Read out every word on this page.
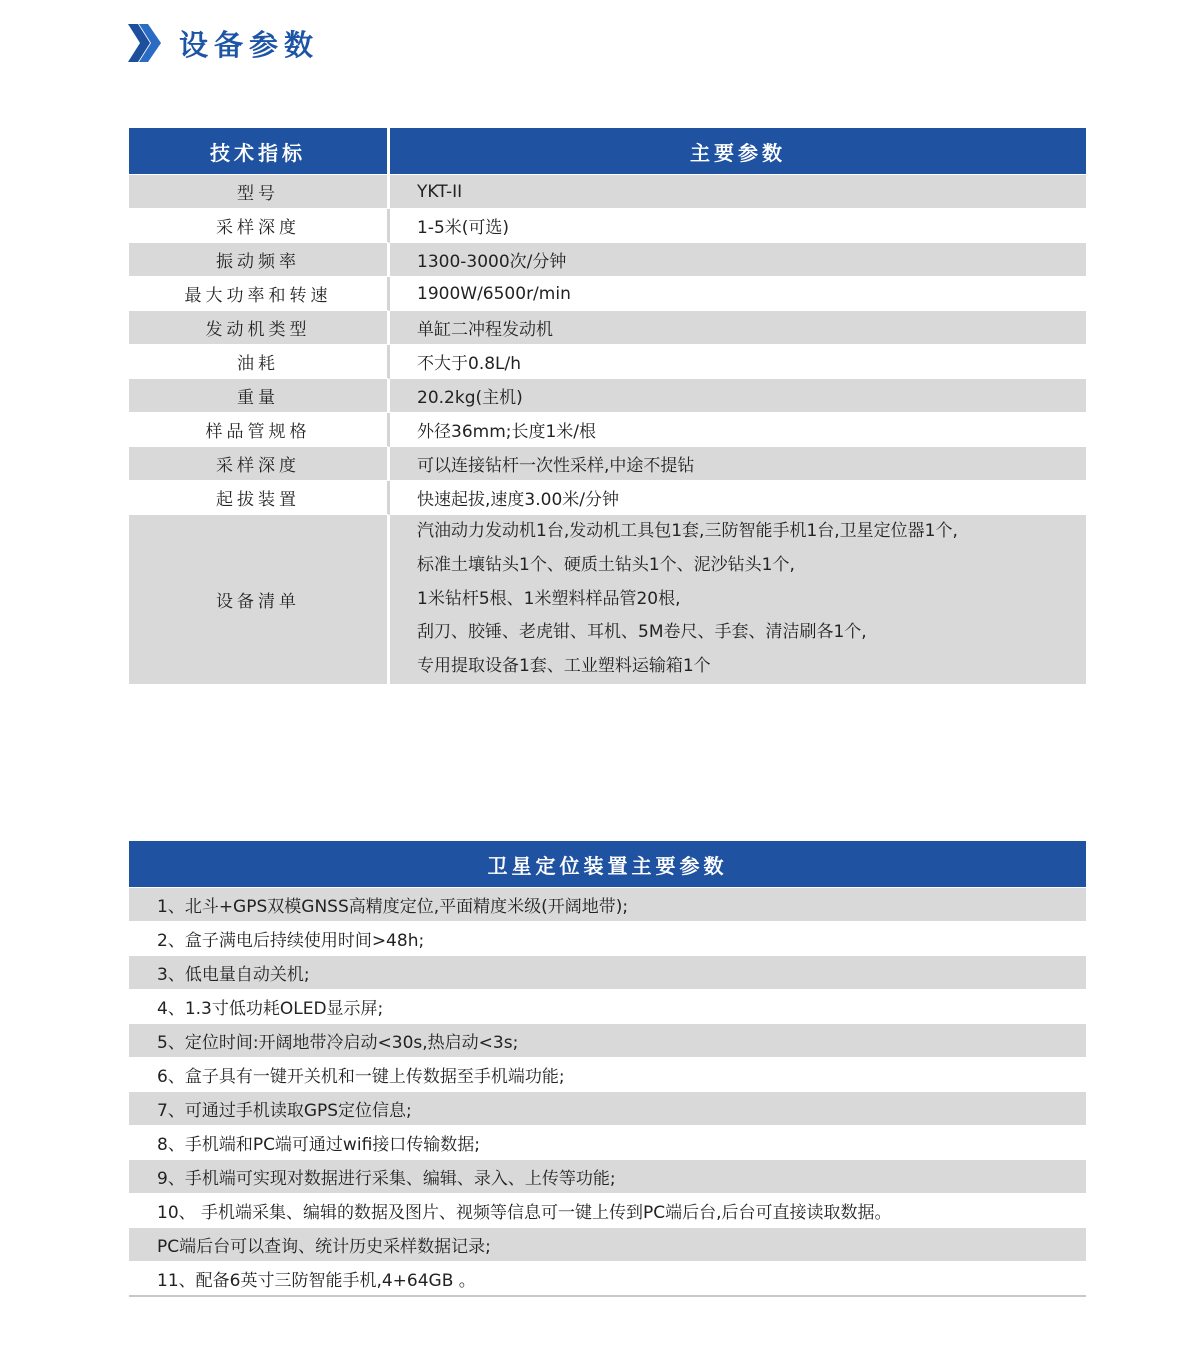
设备参数
技术指标	主要参数
型号	YKT-II
采样深度	1-5米(可选)
振动频率	1300-3000次/分钟
最大功率和转速	1900W/6500r/min
发动机类型	单缸二冲程发动机
油耗	不大于0.8L/h
重量	20.2kg(主机)
样品管规格	外径36mm;长度1米/根
采样深度	可以连接钻杆一次性采样,中途不提钻
起拔装置	快速起拔,速度3.00米/分钟
设备清单	汽油动力发动机1台,发动机工具包1套,三防智能手机1台,卫星定位器1个,
标准土壤钻头1个、硬质土钻头1个、泥沙钻头1个,
1米钻杆5根、1米塑料样品管20根,
刮刀、胶锤、老虎钳、耳机、5M卷尺、手套、清洁刷各1个,
专用提取设备1套、工业塑料运输箱1个
卫星定位装置主要参数
1、北斗+GPS双模GNSS高精度定位,平面精度米级(开阔地带);
2、盒子满电后持续使用时间>48h;
3、低电量自动关机;
4、1.3寸低功耗OLED显示屏;
5、定位时间:开阔地带冷启动<30s,热启动<3s;
6、盒子具有一键开关机和一键上传数据至手机端功能;
7、可通过手机读取GPS定位信息;
8、手机端和PC端可通过wifi接口传输数据;
9、手机端可实现对数据进行采集、编辑、录入、上传等功能;
10、 手机端采集、编辑的数据及图片、视频等信息可一键上传到PC端后台,后台可直接读取数据。
PC端后台可以查询、统计历史采样数据记录;
11、配备6英寸三防智能手机,4+64GB 。
